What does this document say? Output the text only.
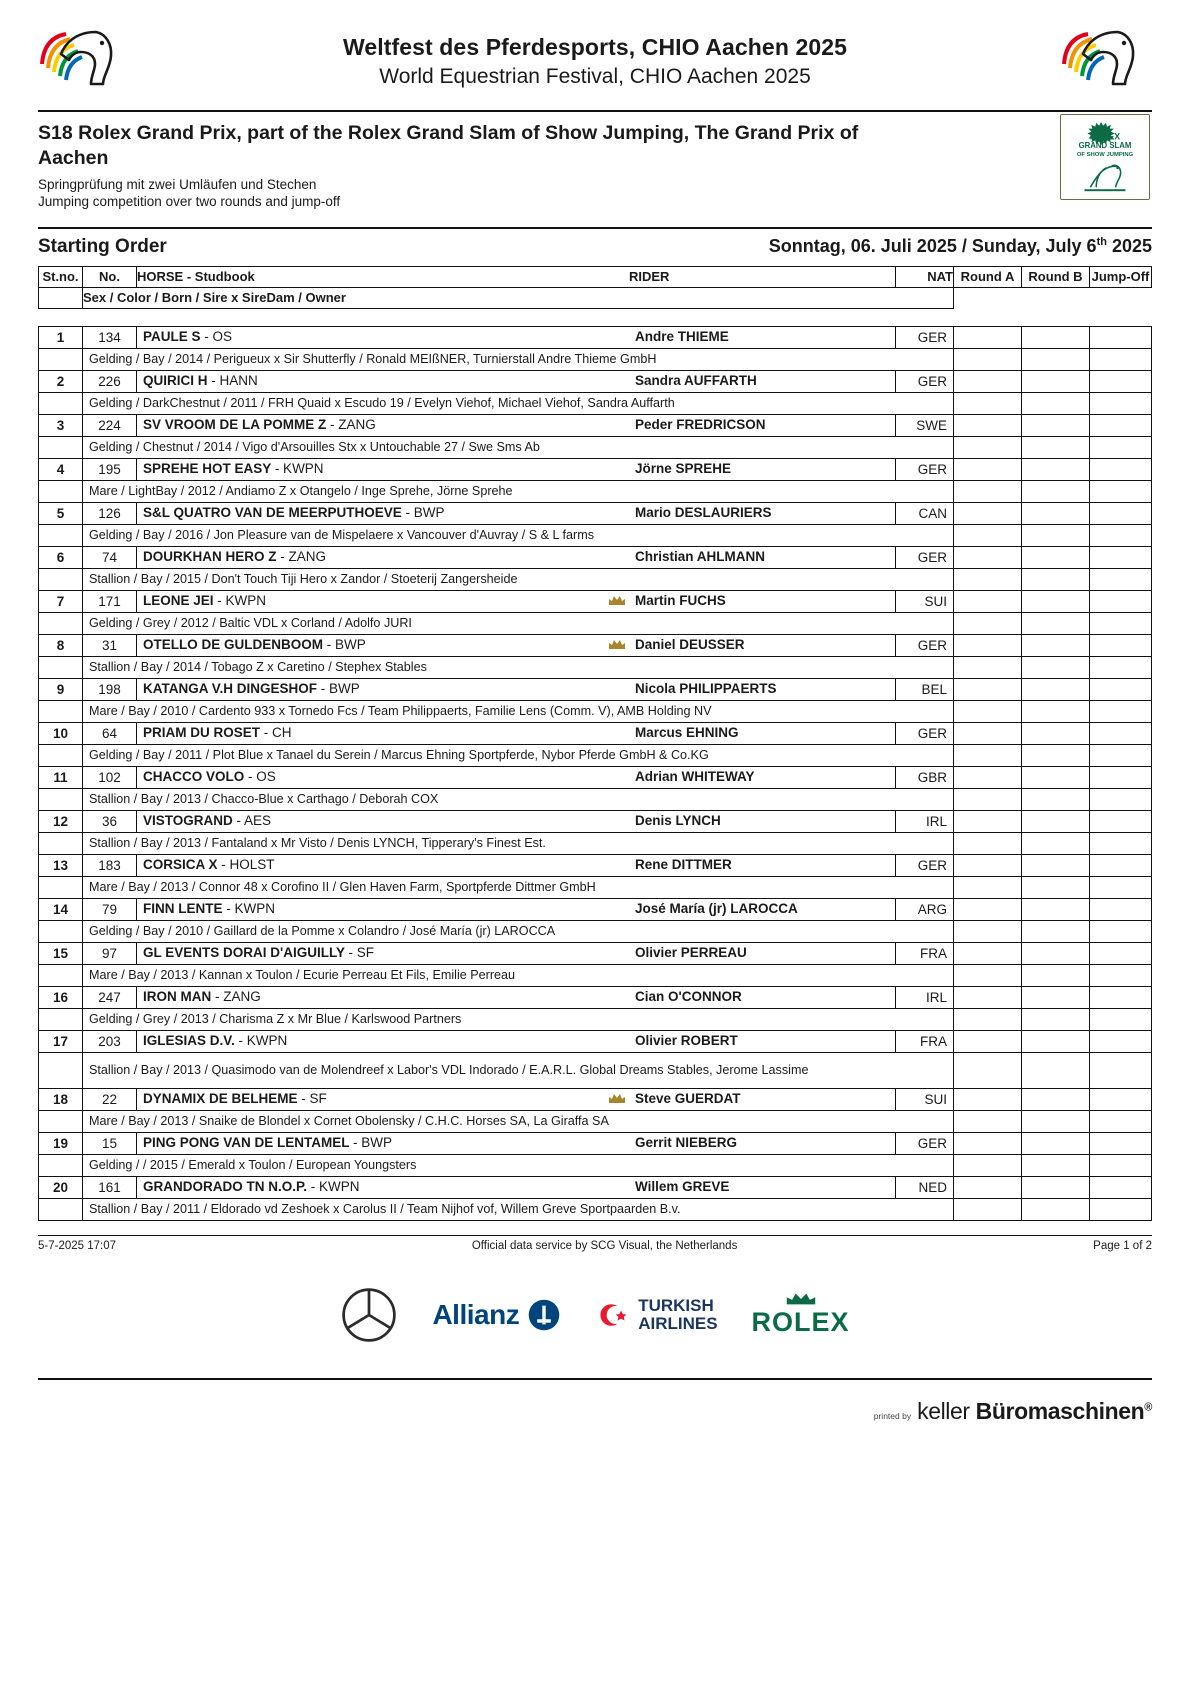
Weltfest des Pferdesports, CHIO Aachen 2025
World Equestrian Festival, CHIO Aachen 2025
S18 Rolex Grand Prix, part of the Rolex Grand Slam of Show Jumping, The Grand Prix of Aachen
Springprüfung mit zwei Umläufen und Stechen
Jumping competition over two rounds and jump-off
ROLEX
GRAND SLAM
OF SHOW JUMPING
Starting Order	Sonntag, 06. Juli 2025 / Sunday, July 6th 2025
St.no.	No.	HORSE - Studbook RIDER	NAT	Round A	Round B	Jump-Off
	Sex / Color / Born / Sire x SireDam / Owner					

1	134	PAULE S - OS Andre THIEME	GER			
	Gelding / Bay / 2014 / Perigueux x Sir Shutterfly / Ronald MEIßNER, Turnierstall Andre Thieme GmbH					
2	226	QUIRICI H - HANN Sandra AUFFARTH	GER			
	Gelding / DarkChestnut / 2011 / FRH Quaid x Escudo 19 / Evelyn Viehof, Michael Viehof, Sandra Auffarth					
3	224	SV VROOM DE LA POMME Z - ZANG Peder FREDRICSON	SWE			
	Gelding / Chestnut / 2014 / Vigo d'Arsouilles Stx x Untouchable 27 / Swe Sms Ab					
4	195	SPREHE HOT EASY - KWPN Jörne SPREHE	GER			
	Mare / LightBay / 2012 / Andiamo Z x Otangelo / Inge Sprehe, Jörne Sprehe					
5	126	S&L QUATRO VAN DE MEERPUTHOEVE - BWP Mario DESLAURIERS	CAN			
	Gelding / Bay / 2016 / Jon Pleasure van de Mispelaere x Vancouver d'Auvray / S & L farms					
6	74	DOURKHAN HERO Z - ZANG Christian AHLMANN	GER			
	Stallion / Bay / 2015 / Don't Touch Tiji Hero x Zandor / Stoeterij Zangersheide					
7	171	LEONE JEI - KWPN Martin FUCHS	SUI			
	Gelding / Grey / 2012 / Baltic VDL x Corland / Adolfo JURI					
8	31	OTELLO DE GULDENBOOM - BWP Daniel DEUSSER	GER			
	Stallion / Bay / 2014 / Tobago Z x Caretino / Stephex Stables					
9	198	KATANGA V.H DINGESHOF - BWP Nicola PHILIPPAERTS	BEL			
	Mare / Bay / 2010 / Cardento 933 x Tornedo Fcs / Team Philippaerts, Familie Lens (Comm. V), AMB Holding NV					
10	64	PRIAM DU ROSET - CH Marcus EHNING	GER			
	Gelding / Bay / 2011 / Plot Blue x Tanael du Serein / Marcus Ehning Sportpferde, Nybor Pferde GmbH & Co.KG					
11	102	CHACCO VOLO - OS Adrian WHITEWAY	GBR			
	Stallion / Bay / 2013 / Chacco-Blue x Carthago / Deborah COX					
12	36	VISTOGRAND - AES Denis LYNCH	IRL			
	Stallion / Bay / 2013 / Fantaland x Mr Visto / Denis LYNCH, Tipperary's Finest Est.					
13	183	CORSICA X - HOLST Rene DITTMER	GER			
	Mare / Bay / 2013 / Connor 48 x Corofino II / Glen Haven Farm, Sportpferde Dittmer GmbH					
14	79	FINN LENTE - KWPN José María (jr) LAROCCA	ARG			
	Gelding / Bay / 2010 / Gaillard de la Pomme x Colandro / José María (jr) LAROCCA					
15	97	GL EVENTS DORAI D'AIGUILLY - SF Olivier PERREAU	FRA			
	Mare / Bay / 2013 / Kannan x Toulon / Ecurie Perreau Et Fils, Emilie Perreau					
16	247	IRON MAN - ZANG Cian O'CONNOR	IRL			
	Gelding / Grey / 2013 / Charisma Z x Mr Blue / Karlswood Partners					
17	203	IGLESIAS D.V. - KWPN Olivier ROBERT	FRA			
	Stallion / Bay / 2013 / Quasimodo van de Molendreef x Labor's VDL Indorado / E.A.R.L. Global Dreams Stables, Jerome Lassime					
18	22	DYNAMIX DE BELHEME - SF Steve GUERDAT	SUI			
	Mare / Bay / 2013 / Snaike de Blondel x Cornet Obolensky / C.H.C. Horses SA, La Giraffa SA					
19	15	PING PONG VAN DE LENTAMEL - BWP Gerrit NIEBERG	GER			
	Gelding / / 2015 / Emerald x Toulon / European Youngsters					
20	161	GRANDORADO TN N.O.P. - KWPN Willem GREVE	NED			
	Stallion / Bay / 2011 / Eldorado vd Zeshoek x Carolus II / Team Nijhof vof, Willem Greve Sportpaarden B.v.					
5-7-2025 17:07	Official data service by SCG Visual, the Netherlands	Page 1 of 2
Allianz	TURKISH
AIRLINES ROLEX
printed by keller Büromaschinen®
